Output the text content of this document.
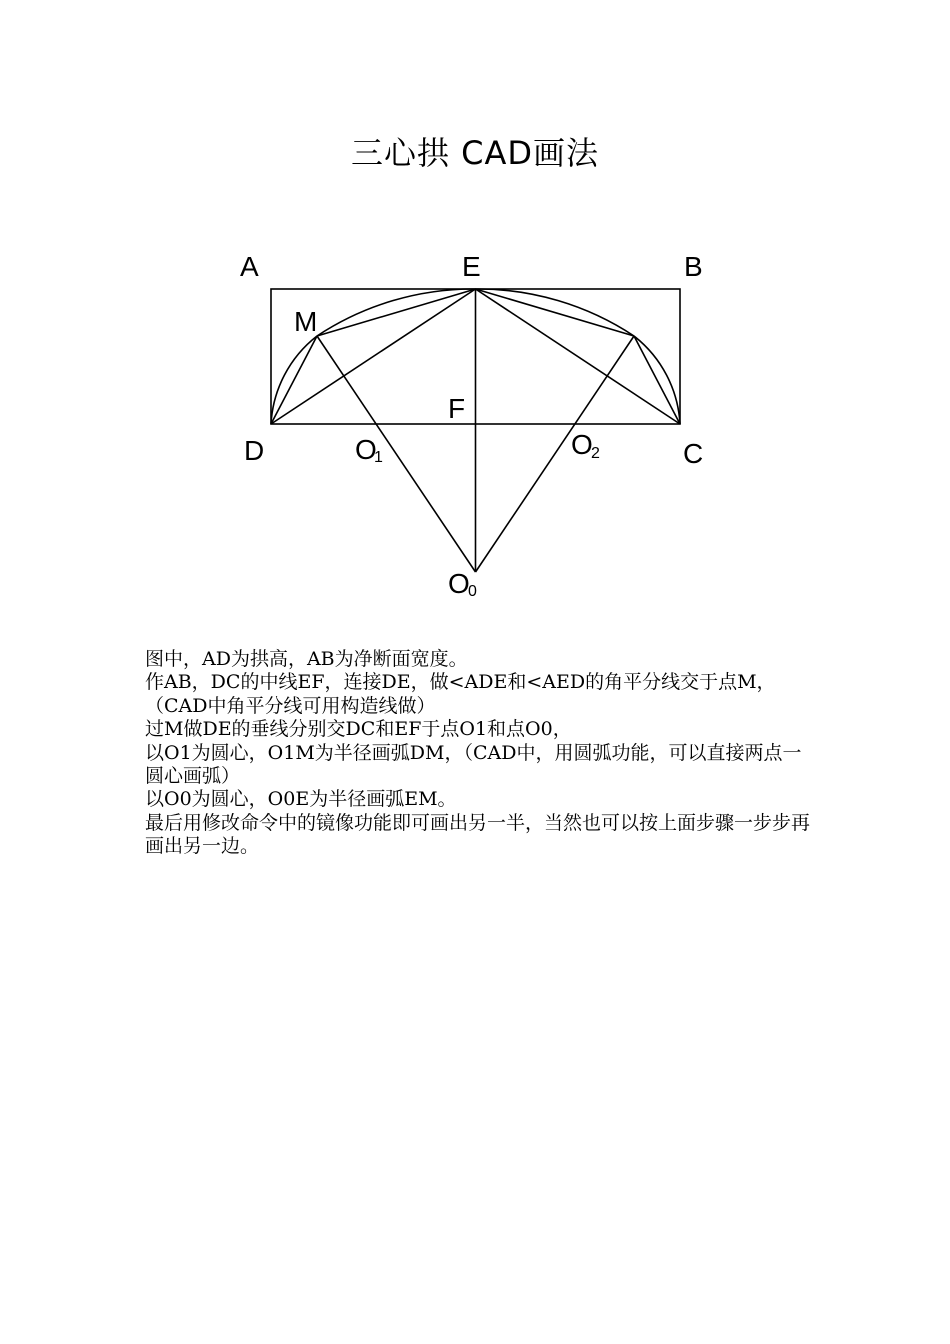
三心拱 CAD画法
A	E	B
M
F
D	C
O
1	O
2
O
0

图中，AD为拱高，AB为净断面宽度。

作AB，DC的中线EF，连接DE，做<ADE和<AED的角平分线交于点M，（CAD中角平分线可用构造线做）

过M做DE的垂线分别交DC和EF于点O1和点O0，

以O1为圆心，O1M为半径画弧DM，（CAD中，用圆弧功能，可以直接两点一圆心画弧）

以O0为圆心，O0E为半径画弧EM。

最后用修改命令中的镜像功能即可画出另一半，当然也可以按上面步骤一步步再画出另一边。
